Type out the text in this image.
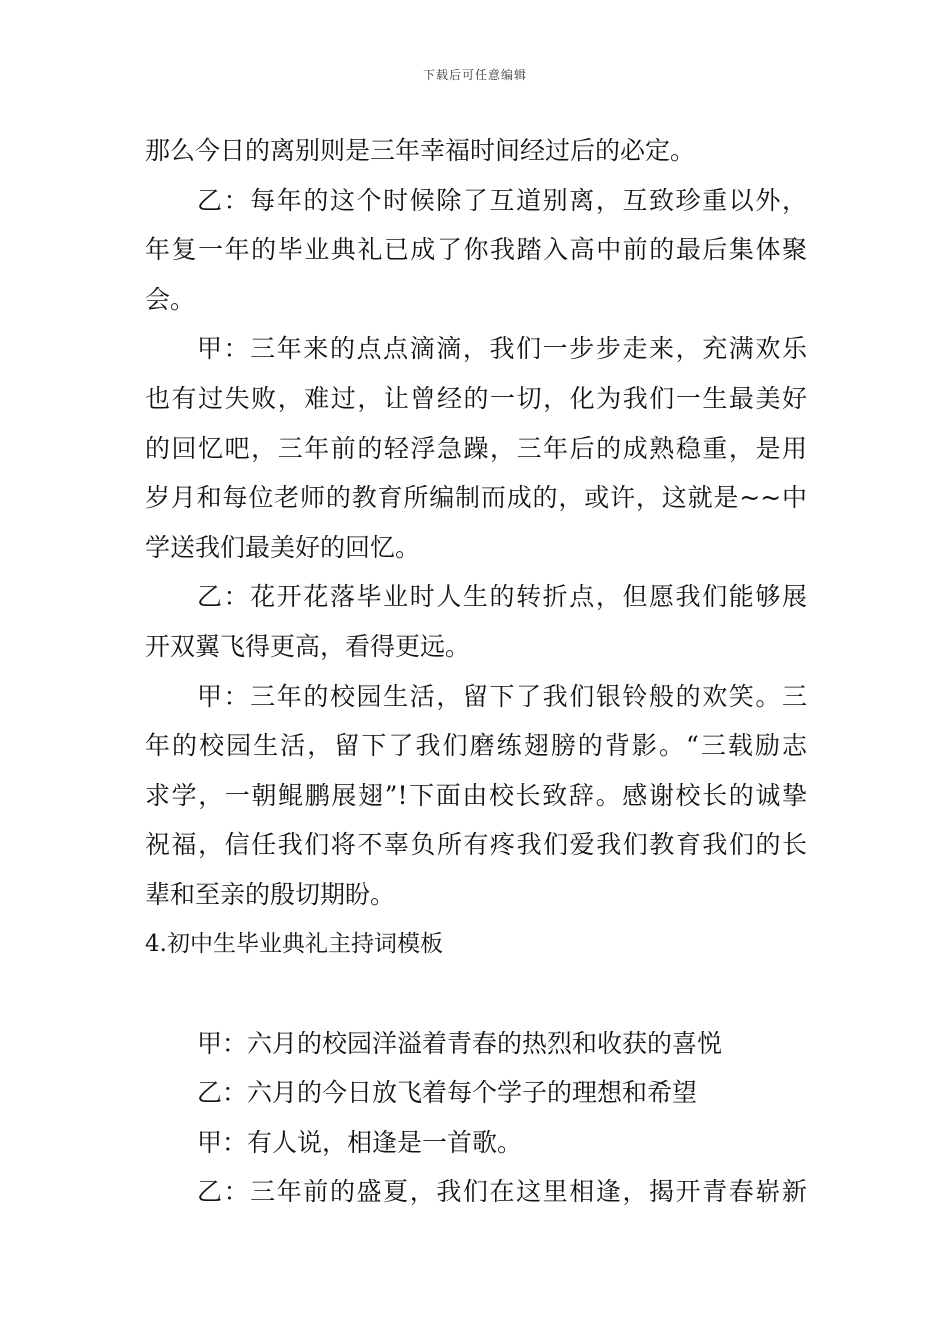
下载后可任意编辑
那么今日的离别则是三年幸福时间经过后的必定。
乙：每年的这个时候除了互道别离，互致珍重以外，
年复一年的毕业典礼已成了你我踏入高中前的最后集体聚
会。
甲：三年来的点点滴滴，我们一步步走来，充满欢乐
也有过失败，难过，让曾经的一切，化为我们一生最美好
的回忆吧，三年前的轻浮急躁，三年后的成熟稳重，是用
岁月和每位老师的教育所编制而成的，或许，这就是~~中
学送我们最美好的回忆。
乙：花开花落毕业时人生的转折点，但愿我们能够展
开双翼飞得更高，看得更远。
甲：三年的校园生活，留下了我们银铃般的欢笑。三
年的校园生活，留下了我们磨练翅膀的背影。“三载励志
求学，一朝鲲鹏展翅”!下面由校长致辞。感谢校长的诚挚
祝福，信任我们将不辜负所有疼我们爱我们教育我们的长
辈和至亲的殷切期盼。
4.初中生毕业典礼主持词模板
甲：六月的校园洋溢着青春的热烈和收获的喜悦
乙：六月的今日放飞着每个学子的理想和希望
甲：有人说，相逢是一首歌。
乙：三年前的盛夏，我们在这里相逢，揭开青春崭新
